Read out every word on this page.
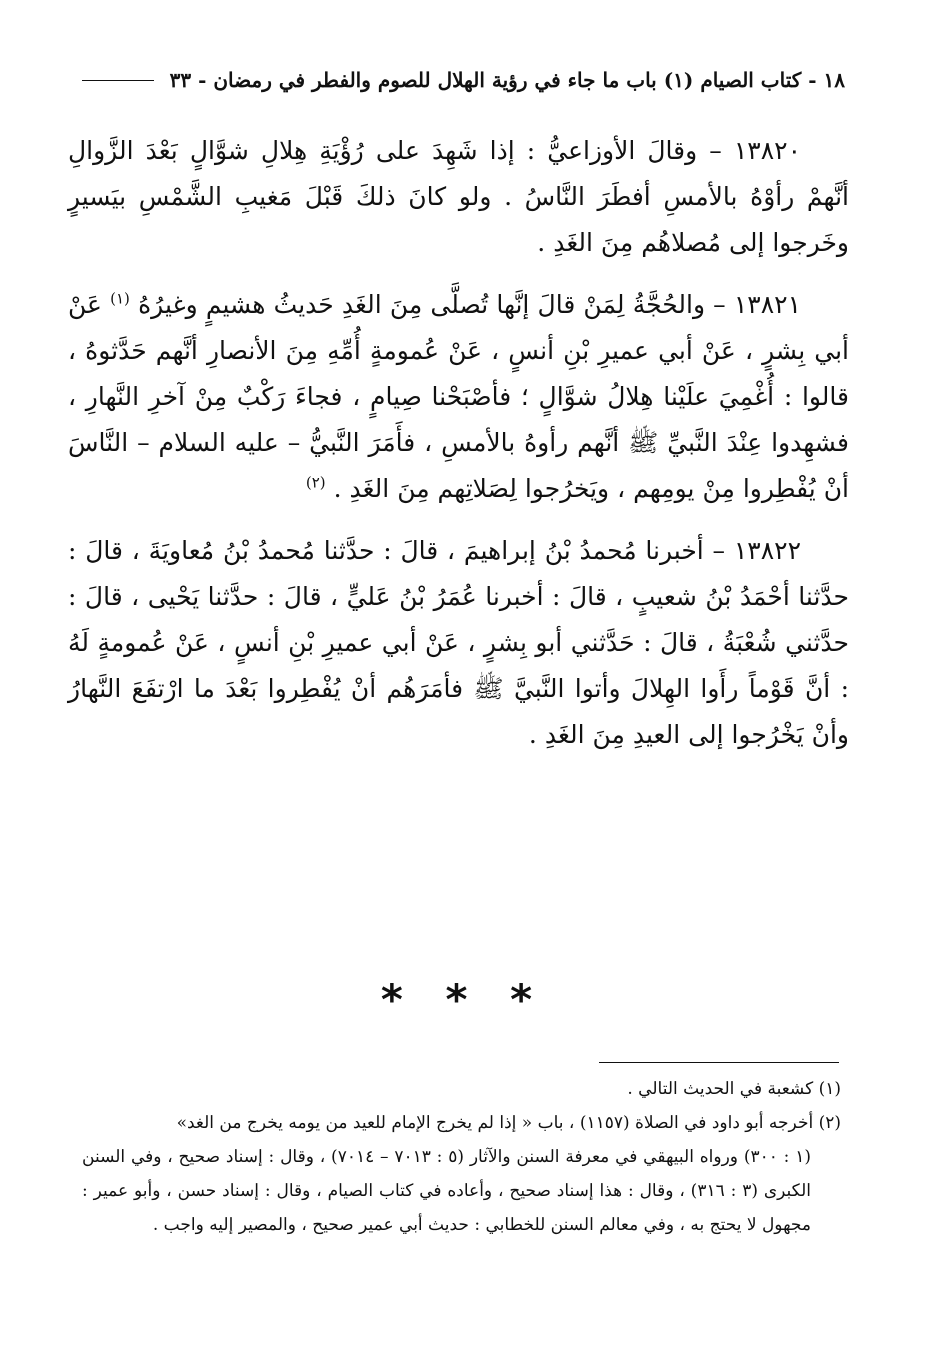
١٨ - كتاب الصيام (١) باب ما جاء في رؤية الهلال للصوم والفطر في رمضان - ٣٣

١٣٨٢٠ – وقالَ الأوزاعيُّ : إذا شَهِدَ على رُؤْيَةِ هِلالِ شوَّالٍ بَعْدَ الزَّوالِ أنَّهمْ رأوْهُ بالأمسِ أفطَرَ النَّاسُ . ولو كانَ ذلكَ قَبْلَ مَغيبِ الشَّمْسِ بيَسيرٍ وخَرجوا إلى مُصلاهُم مِنَ الغَدِ .

١٣٨٢١ – والحُجَّةُ لِمَنْ قالَ إنَّها تُصلَّى مِنَ الغَدِ حَديثُ هشيمٍ وغيرُهُ $^{(١)}$ عَنْ أبي بِشرٍ ، عَنْ أبي عميرِ بْنِ أنسٍ ، عَنْ عُمومةٍ أُمِّهِ مِنَ الأنصارِ أنَّهم حَدَّثوهُ ، قالوا : أُغْمِيَ علَيْنا هِلالُ شوَّالٍ ؛ فأصْبَحْنا صِيامٍ ، فجاءَ رَكْبٌ مِنْ آخرِ النَّهارِ ، فشهِدوا عِنْدَ النَّبيِّ ﷺ أنَّهم رأوهُ بالأمسِ ، فأَمَرَ النَّبيُّ – عليه السلام – النَّاسَ أنْ يُفْطِروا مِنْ يومِهم ، ويَخرُجوا لِصَلاتِهم مِنَ الغَدِ . $^{(٢)}$

١٣٨٢٢ – أخبرنا مُحمدُ بْنُ إبراهيمَ ، قالَ : حدَّثنا مُحمدُ بْنُ مُعاويَةَ ، قالَ : حدَّثنا أحْمَدُ بْنُ شعيبٍ ، قالَ : أخبرنا عُمَرُ بْنُ عَليٍّ ، قالَ : حدَّثنا يَحْيى ، قالَ : حدَّثني شُعْبَةُ ، قالَ : حَدَّثني أبو بِشرٍ ، عَنْ أبي عميرِ بْنِ أنسٍ ، عَنْ عُمومةٍ لَهُ : أنَّ قَوْماً رأَوا الهِلالَ وأتوا النَّبيَّ ﷺ فأمَرَهُم أنْ يُفْطِروا بَعْدَ ما ارْتفَعَ النَّهارُ وأنْ يَخْرُجوا إلى العيدِ مِنَ الغَدِ .

* * *

(١) كشعبة في الحديث التالي .

(٢) أخرجه أبو داود في الصلاة (١١٥٧) ، باب « إذا لم يخرج الإمام للعيد من يومه يخرج من الغد»

(١ : ٣٠٠) ورواه البيهقي في معرفة السنن والآثار (٥ : ٧٠١٣ – ٧٠١٤) ، وقال : إسناد صحيح ، وفي السنن الكبرى (٣ : ٣١٦) ، وقال : هذا إسناد صحيح ، وأعاده في كتاب الصيام ، وقال : إسناد حسن ، وأبو عمير : مجهول لا يحتج به ، وفي معالم السنن للخطابي : حديث أبي عمير صحيح ، والمصير إليه واجب .
